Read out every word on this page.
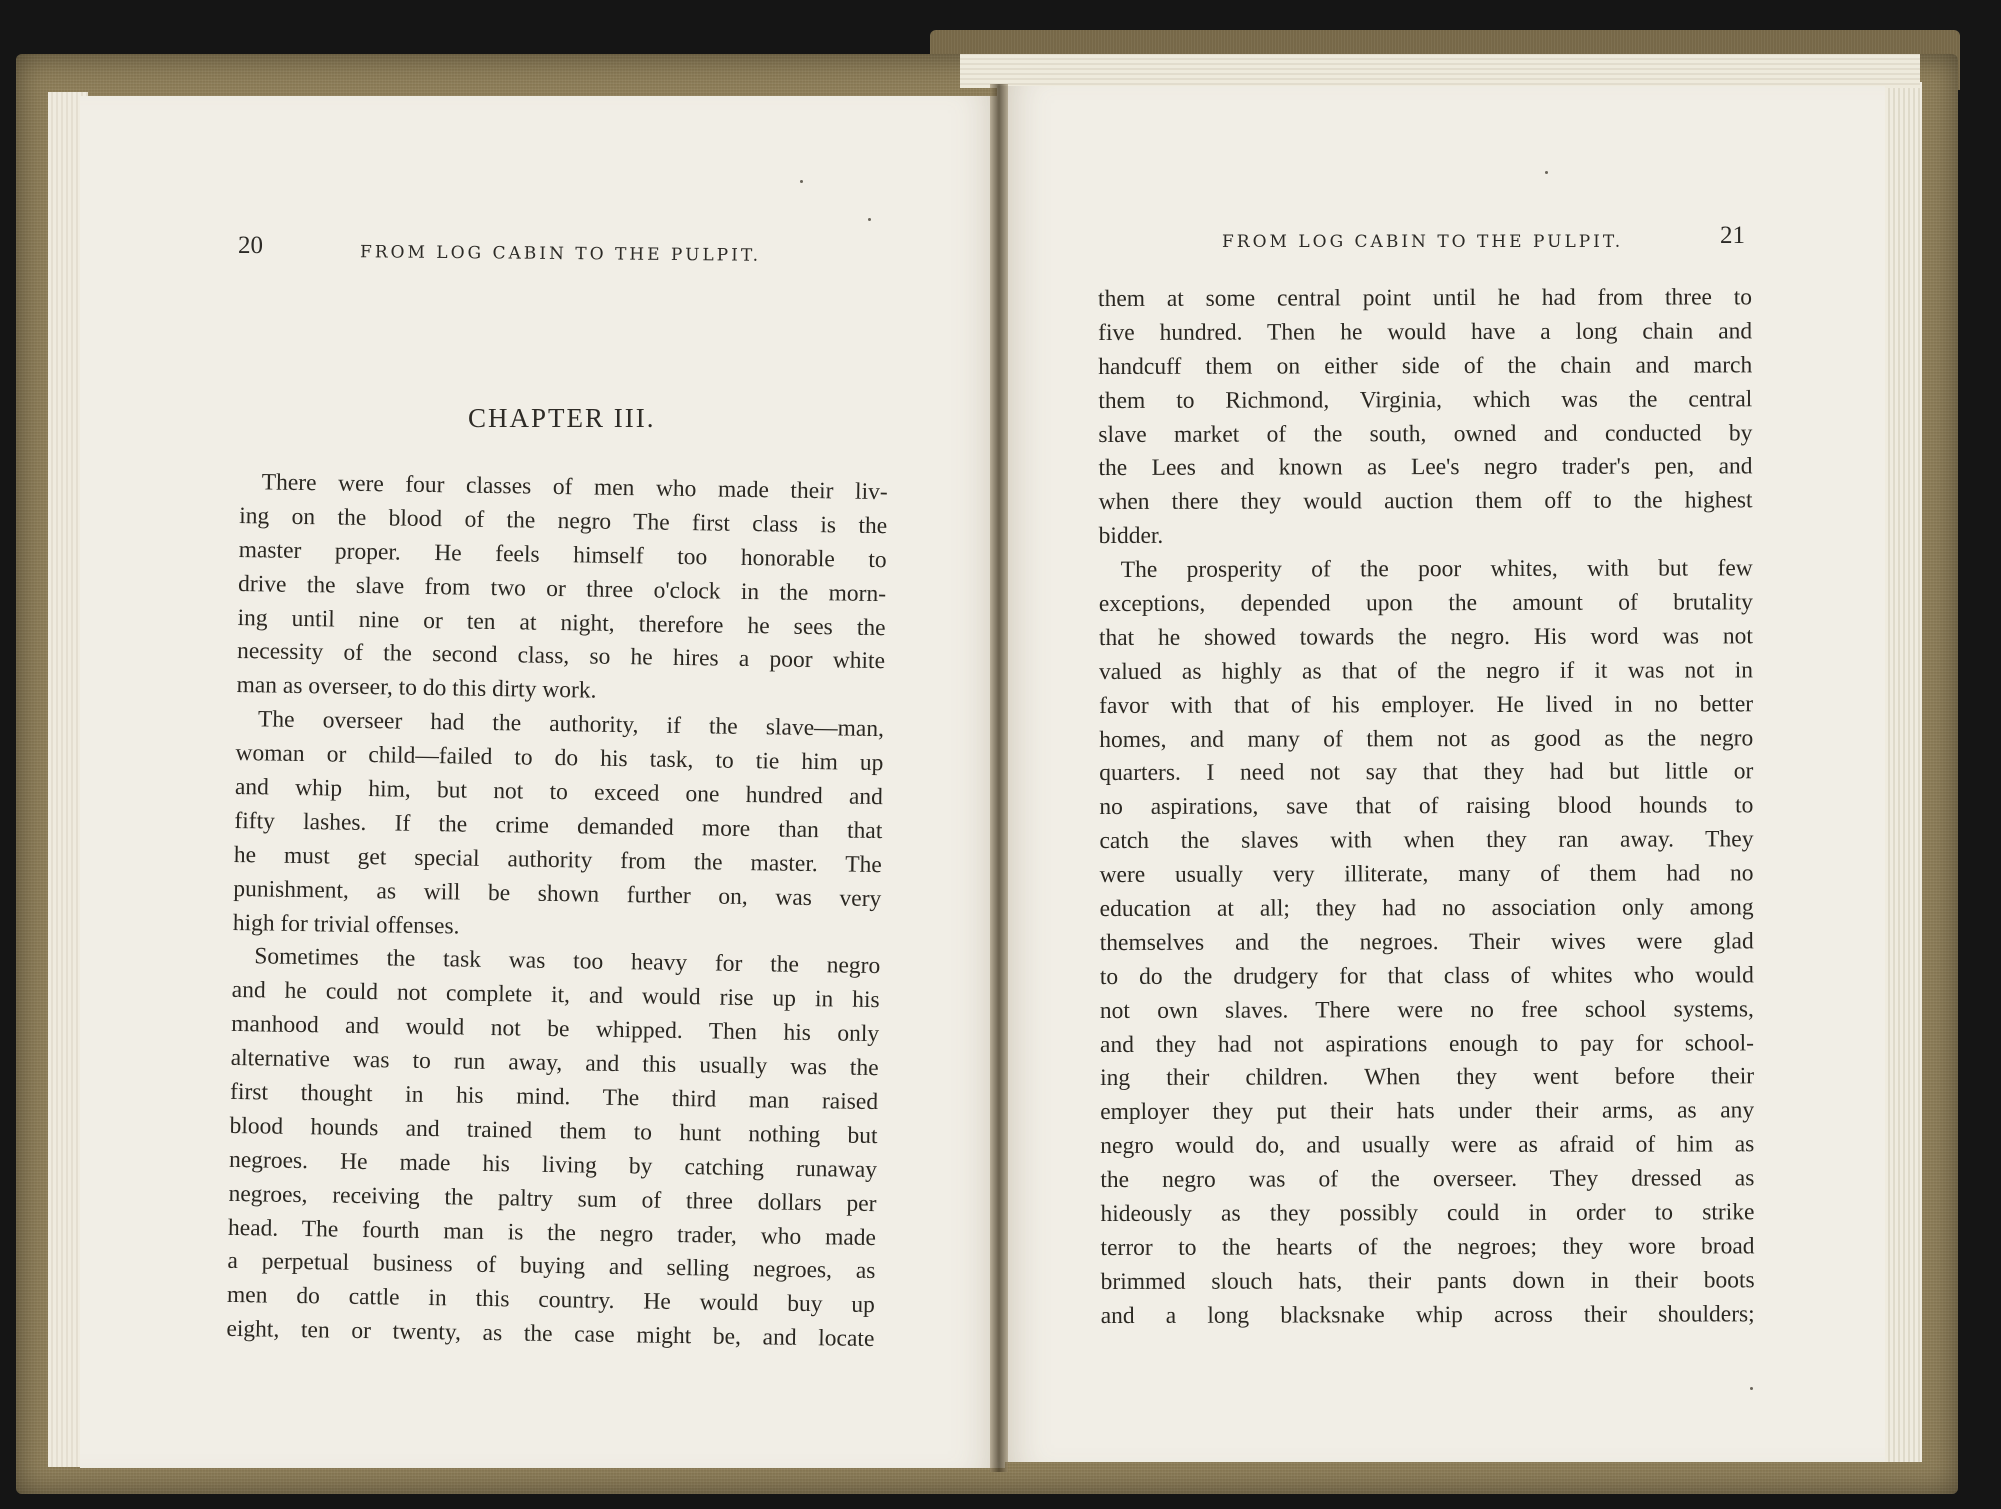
20	FROM LOG CABIN TO THE PULPIT.
FROM LOG CABIN TO THE PULPIT.	21
CHAPTER III.
There were four classes of men who made their liv-
ing on the blood of the negro The first class is the
master proper. He feels himself too honorable to
drive the slave from two or three o'clock in the morn-
ing until nine or ten at night, therefore he sees the
necessity of the second class, so he hires a poor white
man as overseer, to do this dirty work.
The overseer had the authority, if the slave—man,
woman or child—failed to do his task, to tie him up
and whip him, but not to exceed one hundred and
fifty lashes. If the crime demanded more than that
he must get special authority from the master. The
punishment, as will be shown further on, was very
high for trivial offenses.
Sometimes the task was too heavy for the negro
and he could not complete it, and would rise up in his
manhood and would not be whipped. Then his only
alternative was to run away, and this usually was the
first thought in his mind. The third man raised
blood hounds and trained them to hunt nothing but
negroes. He made his living by catching runaway
negroes, receiving the paltry sum of three dollars per
head. The fourth man is the negro trader, who made
a perpetual business of buying and selling negroes, as
men do cattle in this country. He would buy up
eight, ten or twenty, as the case might be, and locate
them at some central point until he had from three to
five hundred. Then he would have a long chain and
handcuff them on either side of the chain and march
them to Richmond, Virginia, which was the central
slave market of the south, owned and conducted by
the Lees and known as Lee's negro trader's pen, and
when there they would auction them off to the highest
bidder.
The prosperity of the poor whites, with but few
exceptions, depended upon the amount of brutality
that he showed towards the negro. His word was not
valued as highly as that of the negro if it was not in
favor with that of his employer. He lived in no better
homes, and many of them not as good as the negro
quarters. I need not say that they had but little or
no aspirations, save that of raising blood hounds to
catch the slaves with when they ran away. They
were usually very illiterate, many of them had no
education at all; they had no association only among
themselves and the negroes. Their wives were glad
to do the drudgery for that class of whites who would
not own slaves. There were no free school systems,
and they had not aspirations enough to pay for school-
ing their children. When they went before their
employer they put their hats under their arms, as any
negro would do, and usually were as afraid of him as
the negro was of the overseer. They dressed as
hideously as they possibly could in order to strike
terror to the hearts of the negroes; they wore broad
brimmed slouch hats, their pants down in their boots
and a long blacksnake whip across their shoulders;
